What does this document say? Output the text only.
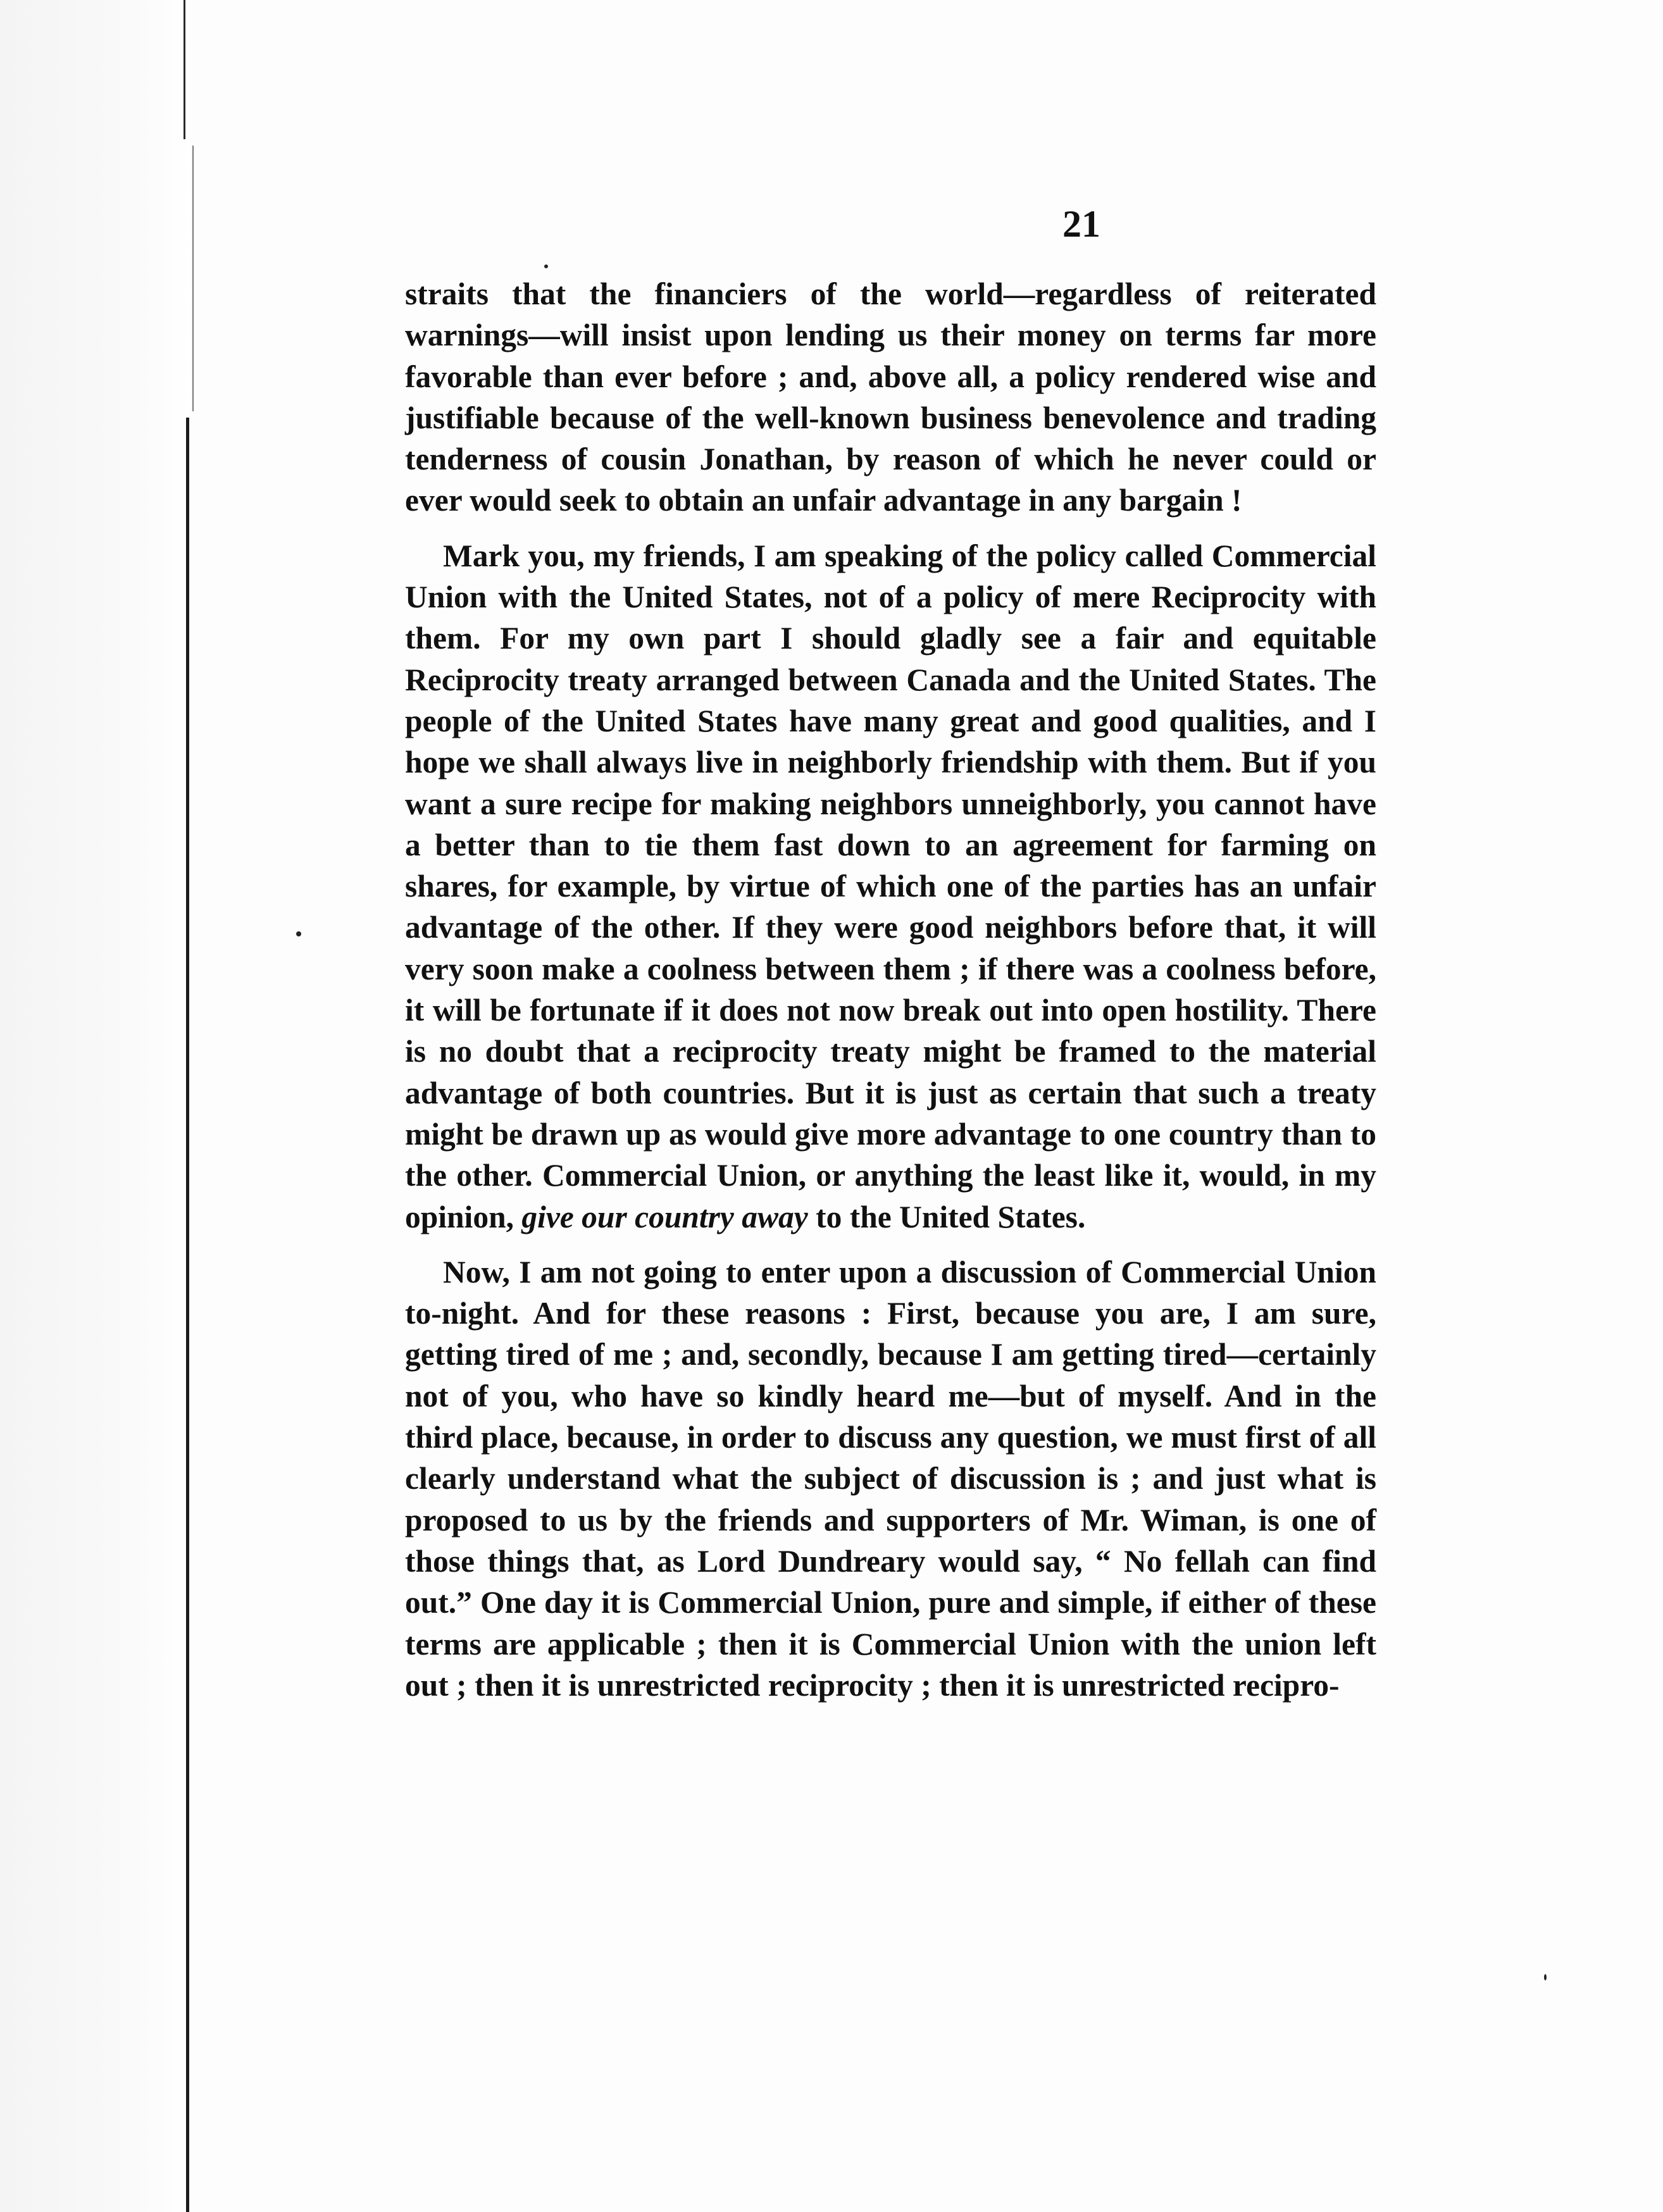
21

straits that the financiers of the world—regardless of reiterated warnings—will insist upon lending us their money on terms far more favorable than ever before ; and, above all, a policy rendered wise and justifiable because of the well-known business benevolence and trading tenderness of cousin Jonathan, by reason of which he never could or ever would seek to obtain an unfair advantage in any bargain !

Mark you, my friends, I am speaking of the policy called Commercial Union with the United States, not of a policy of mere Reciprocity with them. For my own part I should gladly see a fair and equitable Reciprocity treaty arranged between Canada and the United States. The people of the United States have many great and good qualities, and I hope we shall always live in neighborly friendship with them. But if you want a sure recipe for making neighbors unneighborly, you cannot have a better than to tie them fast down to an agreement for farming on shares, for example, by virtue of which one of the parties has an unfair advantage of the other. If they were good neighbors before that, it will very soon make a coolness between them ; if there was a coolness before, it will be fortunate if it does not now break out into open hostility. There is no doubt that a reciprocity treaty might be framed to the material advantage of both countries. But it is just as certain that such a treaty might be drawn up as would give more advantage to one country than to the other. Commercial Union, or anything the least like it, would, in my opinion, give our country away to the United States.

Now, I am not going to enter upon a discussion of Commercial Union to-night. And for these reasons : First, because you are, I am sure, getting tired of me ; and, secondly, because I am getting tired—certainly not of you, who have so kindly heard me—but of myself. And in the third place, because, in order to discuss any question, we must first of all clearly understand what the subject of discussion is ; and just what is proposed to us by the friends and supporters of Mr. Wiman, is one of those things that, as Lord Dundreary would say, “ No fellah can find out.” One day it is Commercial Union, pure and simple, if either of these terms are applicable ; then it is Commercial Union with the union left out ; then it is unrestricted reciprocity ; then it is unrestricted recipro-
